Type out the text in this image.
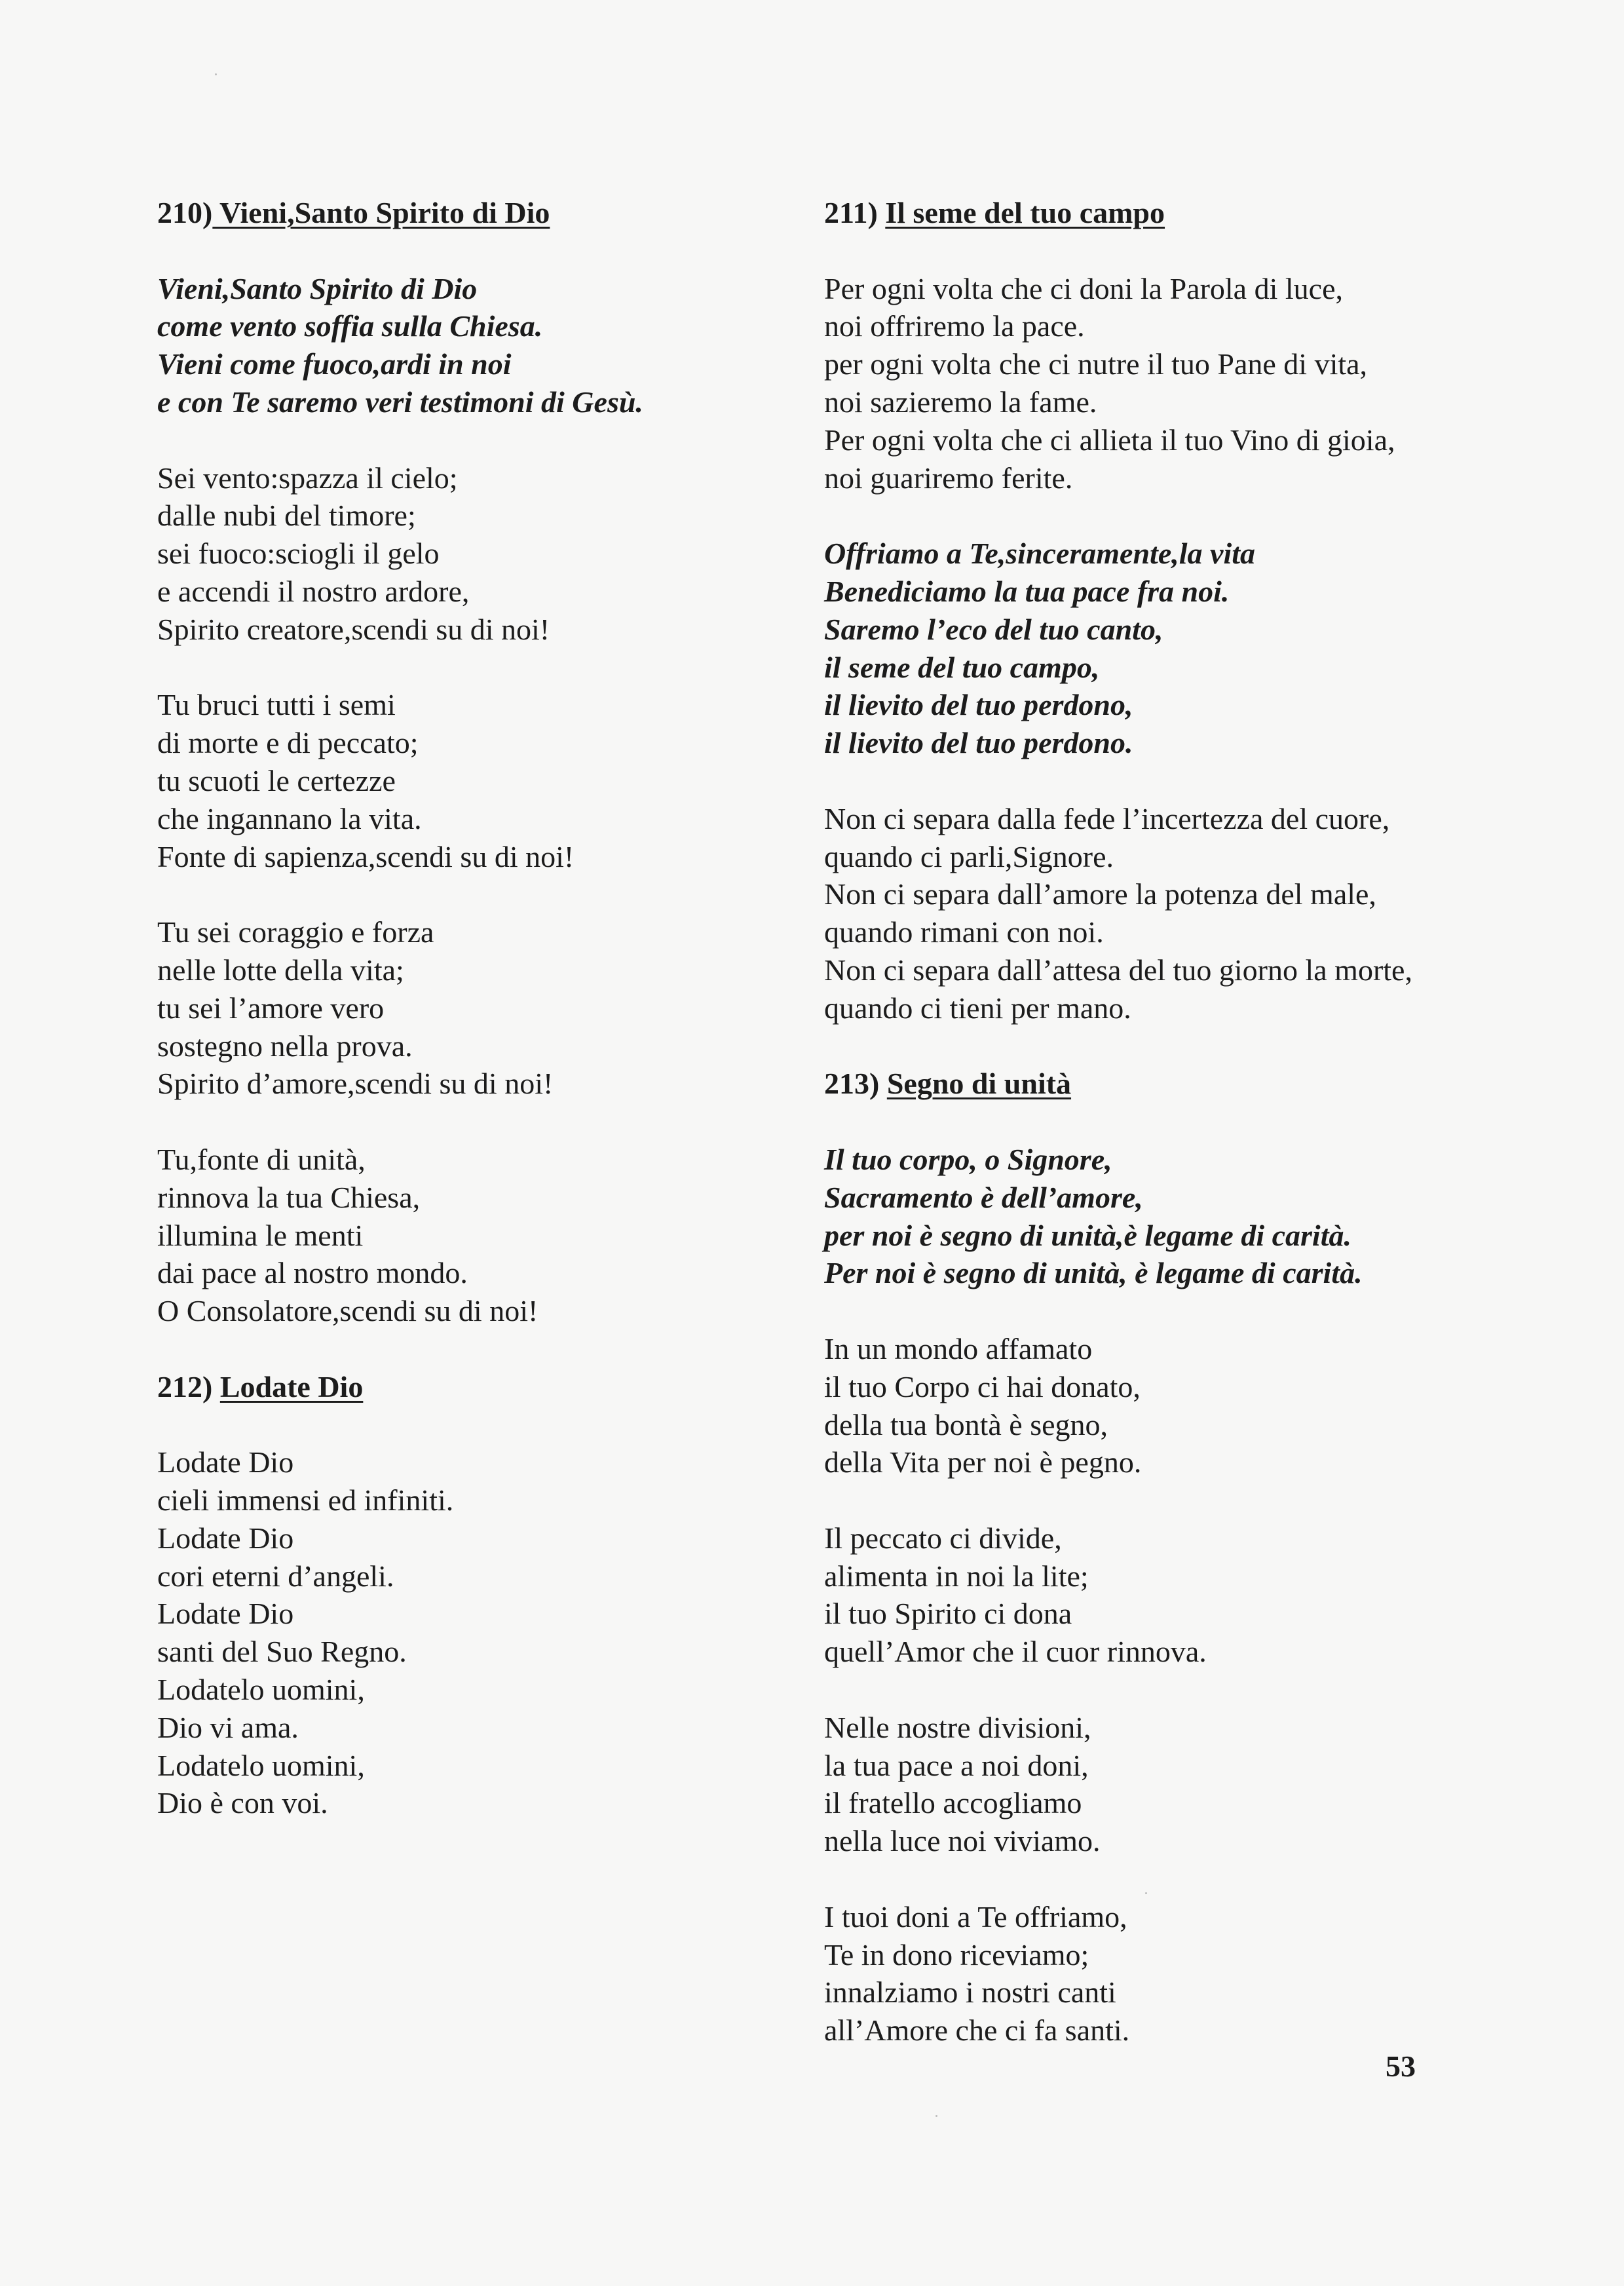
210) Vieni,Santo Spirito di Dio
Vieni,Santo Spirito di Dio
come vento soffia sulla Chiesa.
Vieni come fuoco,ardi in noi
e con Te saremo veri testimoni di Gesù.
Sei vento:spazza il cielo;
dalle nubi del timore;
sei fuoco:sciogli il gelo
e accendi il nostro ardore,
Spirito creatore,scendi su di noi!
Tu bruci tutti i semi
di morte e di peccato;
tu scuoti le certezze
che ingannano la vita.
Fonte di sapienza,scendi su di noi!
Tu sei coraggio e forza
nelle lotte della vita;
tu sei l’amore vero
sostegno nella prova.
Spirito d’amore,scendi su di noi!
Tu,fonte di unità,
rinnova la tua Chiesa,
illumina le menti
dai pace al nostro mondo.
O Consolatore,scendi su di noi!
212) Lodate Dio
Lodate Dio
cieli immensi ed infiniti.
Lodate Dio
cori eterni d’angeli.
Lodate Dio
santi del Suo Regno.
Lodatelo uomini,
Dio vi ama.
Lodatelo uomini,
Dio è con voi.
211) Il seme del tuo campo
Per ogni volta che ci doni la Parola di luce,
noi offriremo la pace.
per ogni volta che ci nutre il tuo Pane di vita,
noi sazieremo la fame.
Per ogni volta che ci allieta il tuo Vino di gioia,
noi guariremo ferite.
Offriamo a Te,sinceramente,la vita
Benediciamo la tua pace fra noi.
Saremo l’eco del tuo canto,
il seme del tuo campo,
il lievito del tuo perdono,
il lievito del tuo perdono.
Non ci separa dalla fede l’incertezza del cuore,
quando ci parli,Signore.
Non ci separa dall’amore la potenza del male,
quando rimani con noi.
Non ci separa dall’attesa del tuo giorno la morte,
quando ci tieni per mano.
213) Segno di unità
Il tuo corpo, o Signore,
Sacramento è dell’amore,
per noi è segno di unità,è legame di carità.
Per noi è segno di unità, è legame di carità.
In un mondo affamato
il tuo Corpo ci hai donato,
della tua bontà è segno,
della Vita per noi è pegno.
Il peccato ci divide,
alimenta in noi la lite;
il tuo Spirito ci dona
quell’Amor che il cuor rinnova.
Nelle nostre divisioni,
la tua pace a noi doni,
il fratello accogliamo
nella luce noi viviamo.
I tuoi doni a Te offriamo,
Te in dono riceviamo;
innalziamo i nostri canti
all’Amore che ci fa santi.
53
